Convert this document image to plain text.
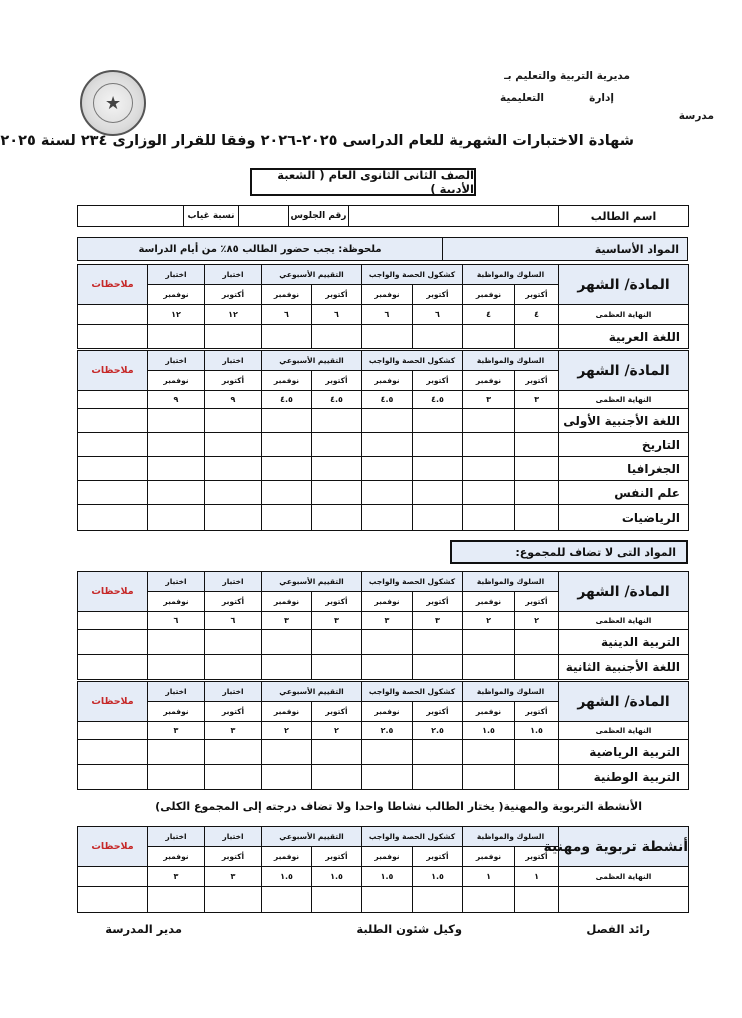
مديرية التربية والتعليم بـ
إدارة
التعليمية
مدرسة
★
شهادة الاختبارات الشهرية للعام الدراسى ٢٠٢٥-٢٠٢٦ وفقا للقرار الوزارى ٢٣٤ لسنة ٢٠٢٥
الصف الثانى الثانوى العام ( الشعبة الأدبية )
اسم الطالب		رقم الجلوس		نسبة غياب	
المواد الأساسية	ملحوظة: يجب حضور الطالب ٨٥٪ من أيام الدراسة
المادة/ الشهر	السلوك والمواظبة		كشكول الحصة والواجب		التقييم الأسبوعي		اختبار	اختبار	ملاحظات
	أكتوبر	نوفمبر	أكتوبر	نوفمبر	أكتوبر	نوفمبر	أكتوبر	نوفمبر	
النهاية العظمى	٤	٤	٦	٦	٦	٦	١٢	١٢	
اللغة العربية									
المادة/ الشهر	السلوك والمواظبة		كشكول الحصة والواجب		التقييم الأسبوعي		اختبار	اختبار	ملاحظات
	أكتوبر	نوفمبر	أكتوبر	نوفمبر	أكتوبر	نوفمبر	أكتوبر	نوفمبر	
النهاية العظمى	٣	٣	٤.٥	٤.٥	٤.٥	٤.٥	٩	٩	
اللغة الأجنبية الأولى									
التاريخ									
الجغرافيا									
علم النفس									
الرياضيات									
المواد التى لا تضاف للمجموع:
المادة/ الشهر	السلوك والمواظبة		كشكول الحصة والواجب		التقييم الأسبوعي		اختبار	اختبار	ملاحظات
	أكتوبر	نوفمبر	أكتوبر	نوفمبر	أكتوبر	نوفمبر	أكتوبر	نوفمبر	
النهاية العظمى	٢	٢	٣	٣	٣	٣	٦	٦	
التربية الدينية									
اللغة الأجنبية الثانية									
المادة/ الشهر	السلوك والمواظبة		كشكول الحصة والواجب		التقييم الأسبوعي		اختبار	اختبار	ملاحظات
	أكتوبر	نوفمبر	أكتوبر	نوفمبر	أكتوبر	نوفمبر	أكتوبر	نوفمبر	
النهاية العظمى	١.٥	١.٥	٢.٥	٢.٥	٢	٢	٣	٣	
التربية الرياضية									
التربية الوطنية									
الأنشطة التربوية والمهنية( يختار الطالب نشاطا واحدا ولا تضاف درجته إلى المجموع الكلى)
أنشطة تربوية ومهنية	السلوك والمواظبة		كشكول الحصة والواجب		التقييم الأسبوعي		اختبار	اختبار	ملاحظات
	أكتوبر	نوفمبر	أكتوبر	نوفمبر	أكتوبر	نوفمبر	أكتوبر	نوفمبر	
النهاية العظمى	١	١	١.٥	١.٥	١.٥	١.٥	٣	٣	

رائد الفصل
وكيل شئون الطلبة
مدير المدرسة
